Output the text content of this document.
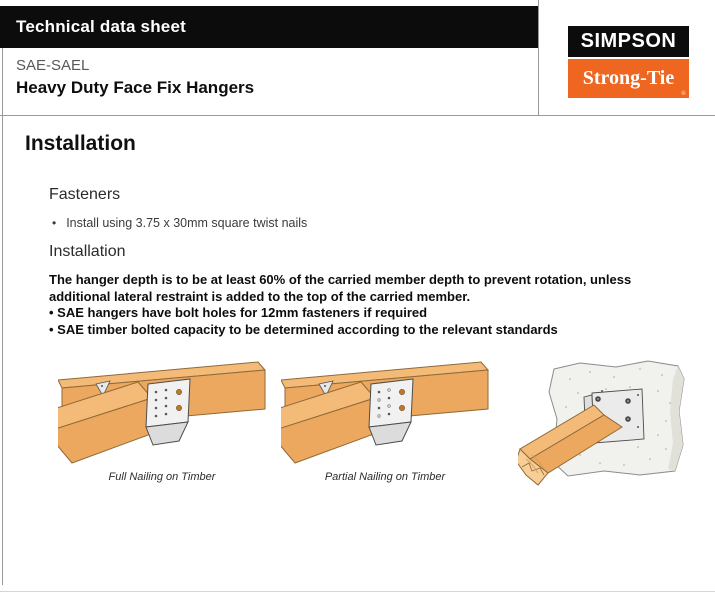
Technical data sheet

SAE-SAEL

Heavy Duty Face Fix Hangers

SIMPSON
Strong-Tie
®
Installation
Fasteners
• Install using 3.75 x 30mm square twist nails
Installation

The hanger depth is to be at least 60% of the carried member depth to prevent rotation, unless additional lateral restraint is added to the top of the carried member.

• SAE hangers have bolt holes for 12mm fasteners if required
• SAE timber bolted capacity to be determined according to the relevant standards
Full Nailing on Timber	Partial Nailing on Timber
